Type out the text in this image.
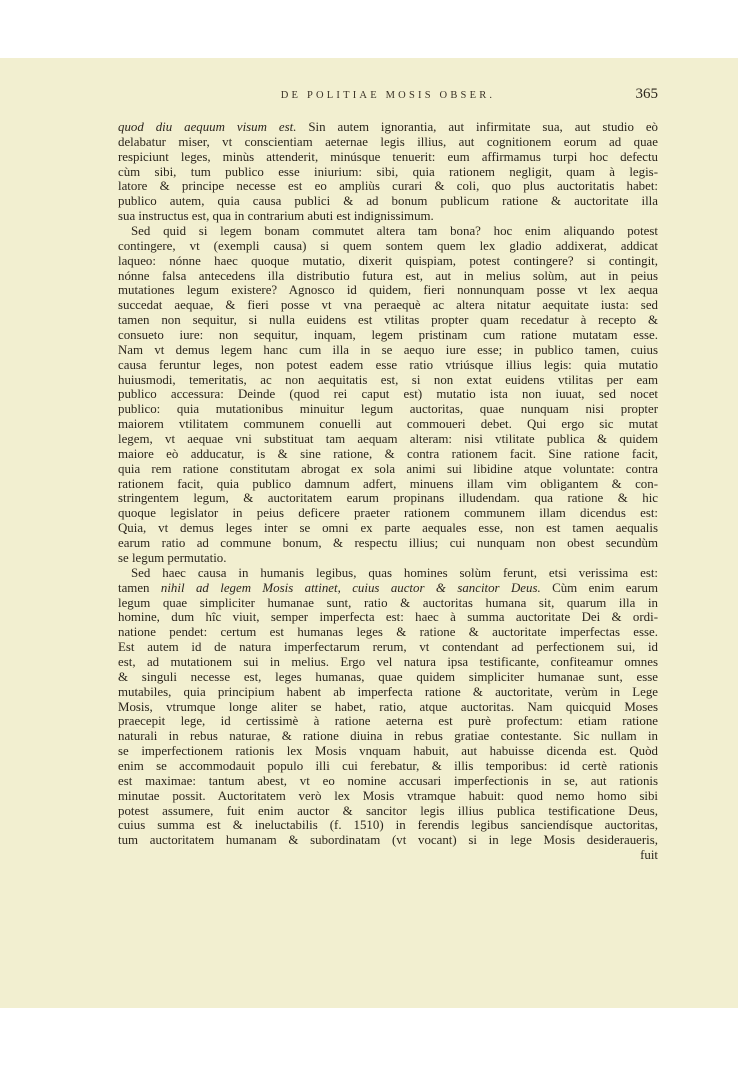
DE POLITIAE MOSIS OBSER.	365
quod diu aequum visum est. Sin autem ignorantia, aut infirmitate sua, aut studio eò
delabatur miser, vt conscientiam aeternae legis illius, aut cognitionem eorum ad quae
respiciunt leges, minùs attenderit, minúsque tenuerit: eum affirmamus turpi hoc defectu
cùm sibi, tum publico esse iniurium: sibi, quia rationem negligit, quam à legis-
latore & principe necesse est eo ampliùs curari & coli, quo plus auctoritatis habet:
publico autem, quia causa publici & ad bonum publicum ratione & auctoritate illa
sua instructus est, qua in contrarium abuti est indignissimum.
Sed quid si legem bonam commutet altera tam bona? hoc enim aliquando potest
contingere, vt (exempli causa) si quem sontem quem lex gladio addixerat, addicat
laqueo: nónne haec quoque mutatio, dixerit quispiam, potest contingere? si contingit,
nónne falsa antecedens illa distributio futura est, aut in melius solùm, aut in peius
mutationes legum existere? Agnosco id quidem, fieri nonnunquam posse vt lex aequa
succedat aequae, & fieri posse vt vna peraequè ac altera nitatur aequitate iusta: sed
tamen non sequitur, si nulla euidens est vtilitas propter quam recedatur à recepto &
consueto iure: non sequitur, inquam, legem pristinam cum ratione mutatam esse.
Nam vt demus legem hanc cum illa in se aequo iure esse; in publico tamen, cuius
causa feruntur leges, non potest eadem esse ratio vtriúsque illius legis: quia mutatio
huiusmodi, temeritatis, ac non aequitatis est, si non extat euidens vtilitas per eam
publico accessura: Deinde (quod rei caput est) mutatio ista non iuuat, sed nocet
publico: quia mutationibus minuitur legum auctoritas, quae nunquam nisi propter
maiorem vtilitatem communem conuelli aut commoueri debet. Qui ergo sic mutat
legem, vt aequae vni substituat tam aequam alteram: nisi vtilitate publica & quidem
maiore eò adducatur, is & sine ratione, & contra rationem facit. Sine ratione facit,
quia rem ratione constitutam abrogat ex sola animi sui libidine atque voluntate: contra
rationem facit, quia publico damnum adfert, minuens illam vim obligantem & con-
stringentem legum, & auctoritatem earum propinans illudendam. qua ratione & hic
quoque legislator in peius deficere praeter rationem communem illam dicendus est:
Quia, vt demus leges inter se omni ex parte aequales esse, non est tamen aequalis
earum ratio ad commune bonum, & respectu illius; cui nunquam non obest secundùm
se legum permutatio.
Sed haec causa in humanis legibus, quas homines solùm ferunt, etsi verissima est:
tamen nihil ad legem Mosis attinet, cuius auctor & sancitor Deus. Cùm enim earum
legum quae simpliciter humanae sunt, ratio & auctoritas humana sit, quarum illa in
homine, dum hîc viuit, semper imperfecta est: haec à summa auctoritate Dei & ordi-
natione pendet: certum est humanas leges & ratione & auctoritate imperfectas esse.
Est autem id de natura imperfectarum rerum, vt contendant ad perfectionem sui, id
est, ad mutationem sui in melius. Ergo vel natura ipsa testificante, confiteamur omnes
& singuli necesse est, leges humanas, quae quidem simpliciter humanae sunt, esse
mutabiles, quia principium habent ab imperfecta ratione & auctoritate, verùm in Lege
Mosis, vtrumque longe aliter se habet, ratio, atque auctoritas. Nam quicquid Moses
praecepit lege, id certissimè à ratione aeterna est purè profectum: etiam ratione
naturali in rebus naturae, & ratione diuina in rebus gratiae contestante. Sic nullam in
se imperfectionem rationis lex Mosis vnquam habuit, aut habuisse dicenda est. Quòd
enim se accommodauit populo illi cui ferebatur, & illis temporibus: id certè rationis
est maximae: tantum abest, vt eo nomine accusari imperfectionis in se, aut rationis
minutae possit. Auctoritatem verò lex Mosis vtramque habuit: quod nemo homo sibi
potest assumere, fuit enim auctor & sancitor legis illius publica testificatione Deus,
cuius summa est & ineluctabilis (f. 1510) in ferendis legibus sanciendísque auctoritas,
tum auctoritatem humanam & subordinatam (vt vocant) si in lege Mosis desideraueris,
fuit
